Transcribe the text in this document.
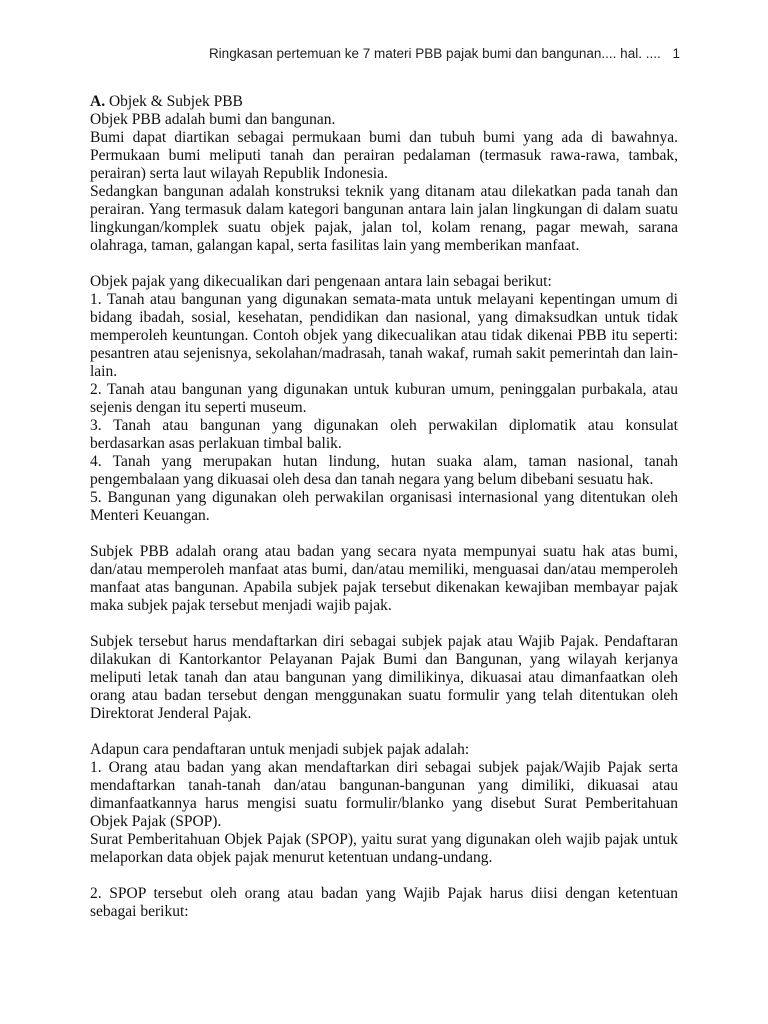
Ringkasan pertemuan ke 7 materi PBB pajak bumi dan bangunan.... hal. .... 1

A. Objek & Subjek PBB

Objek PBB adalah bumi dan bangunan.

Bumi dapat diartikan sebagai permukaan bumi dan tubuh bumi yang ada di bawahnya. Permukaan bumi meliputi tanah dan perairan pedalaman (termasuk rawa-rawa, tambak, perairan) serta laut wilayah Republik Indonesia.

Sedangkan bangunan adalah konstruksi teknik yang ditanam atau dilekatkan pada tanah dan perairan. Yang termasuk dalam kategori bangunan antara lain jalan lingkungan di dalam suatu lingkungan/komplek suatu objek pajak, jalan tol, kolam renang, pagar mewah, sarana olahraga, taman, galangan kapal, serta fasilitas lain yang memberikan manfaat.

Objek pajak yang dikecualikan dari pengenaan antara lain sebagai berikut:

1. Tanah atau bangunan yang digunakan semata-mata untuk melayani kepentingan umum di bidang ibadah, sosial, kesehatan, pendidikan dan nasional, yang dimaksudkan untuk tidak memperoleh keuntungan. Contoh objek yang dikecualikan atau tidak dikenai PBB itu seperti: pesantren atau sejenisnya, sekolahan/madrasah, tanah wakaf, rumah sakit pemerintah dan lain-lain.

2. Tanah atau bangunan yang digunakan untuk kuburan umum, peninggalan purbakala, atau sejenis dengan itu seperti museum.

3. Tanah atau bangunan yang digunakan oleh perwakilan diplomatik atau konsulat berdasarkan asas perlakuan timbal balik.

4. Tanah yang merupakan hutan lindung, hutan suaka alam, taman nasional, tanah pengembalaan yang dikuasai oleh desa dan tanah negara yang belum dibebani sesuatu hak.

5. Bangunan yang digunakan oleh perwakilan organisasi internasional yang ditentukan oleh Menteri Keuangan.

Subjek PBB adalah orang atau badan yang secara nyata mempunyai suatu hak atas bumi, dan/atau memperoleh manfaat atas bumi, dan/atau memiliki, menguasai dan/atau memperoleh manfaat atas bangunan. Apabila subjek pajak tersebut dikenakan kewajiban membayar pajak maka subjek pajak tersebut menjadi wajib pajak.

Subjek tersebut harus mendaftarkan diri sebagai subjek pajak atau Wajib Pajak. Pendaftaran dilakukan di Kantorkantor Pelayanan Pajak Bumi dan Bangunan, yang wilayah kerjanya meliputi letak tanah dan atau bangunan yang dimilikinya, dikuasai atau dimanfaatkan oleh orang atau badan tersebut dengan menggunakan suatu formulir yang telah ditentukan oleh Direktorat Jenderal Pajak.

Adapun cara pendaftaran untuk menjadi subjek pajak adalah:

1. Orang atau badan yang akan mendaftarkan diri sebagai subjek pajak/Wajib Pajak serta mendaftarkan tanah-tanah dan/atau bangunan-bangunan yang dimiliki, dikuasai atau dimanfaatkannya harus mengisi suatu formulir/blanko yang disebut Surat Pemberitahuan Objek Pajak (SPOP).

Surat Pemberitahuan Objek Pajak (SPOP), yaitu surat yang digunakan oleh wajib pajak untuk melaporkan data objek pajak menurut ketentuan undang-undang.

2. SPOP tersebut oleh orang atau badan yang Wajib Pajak harus diisi dengan ketentuan sebagai berikut:
